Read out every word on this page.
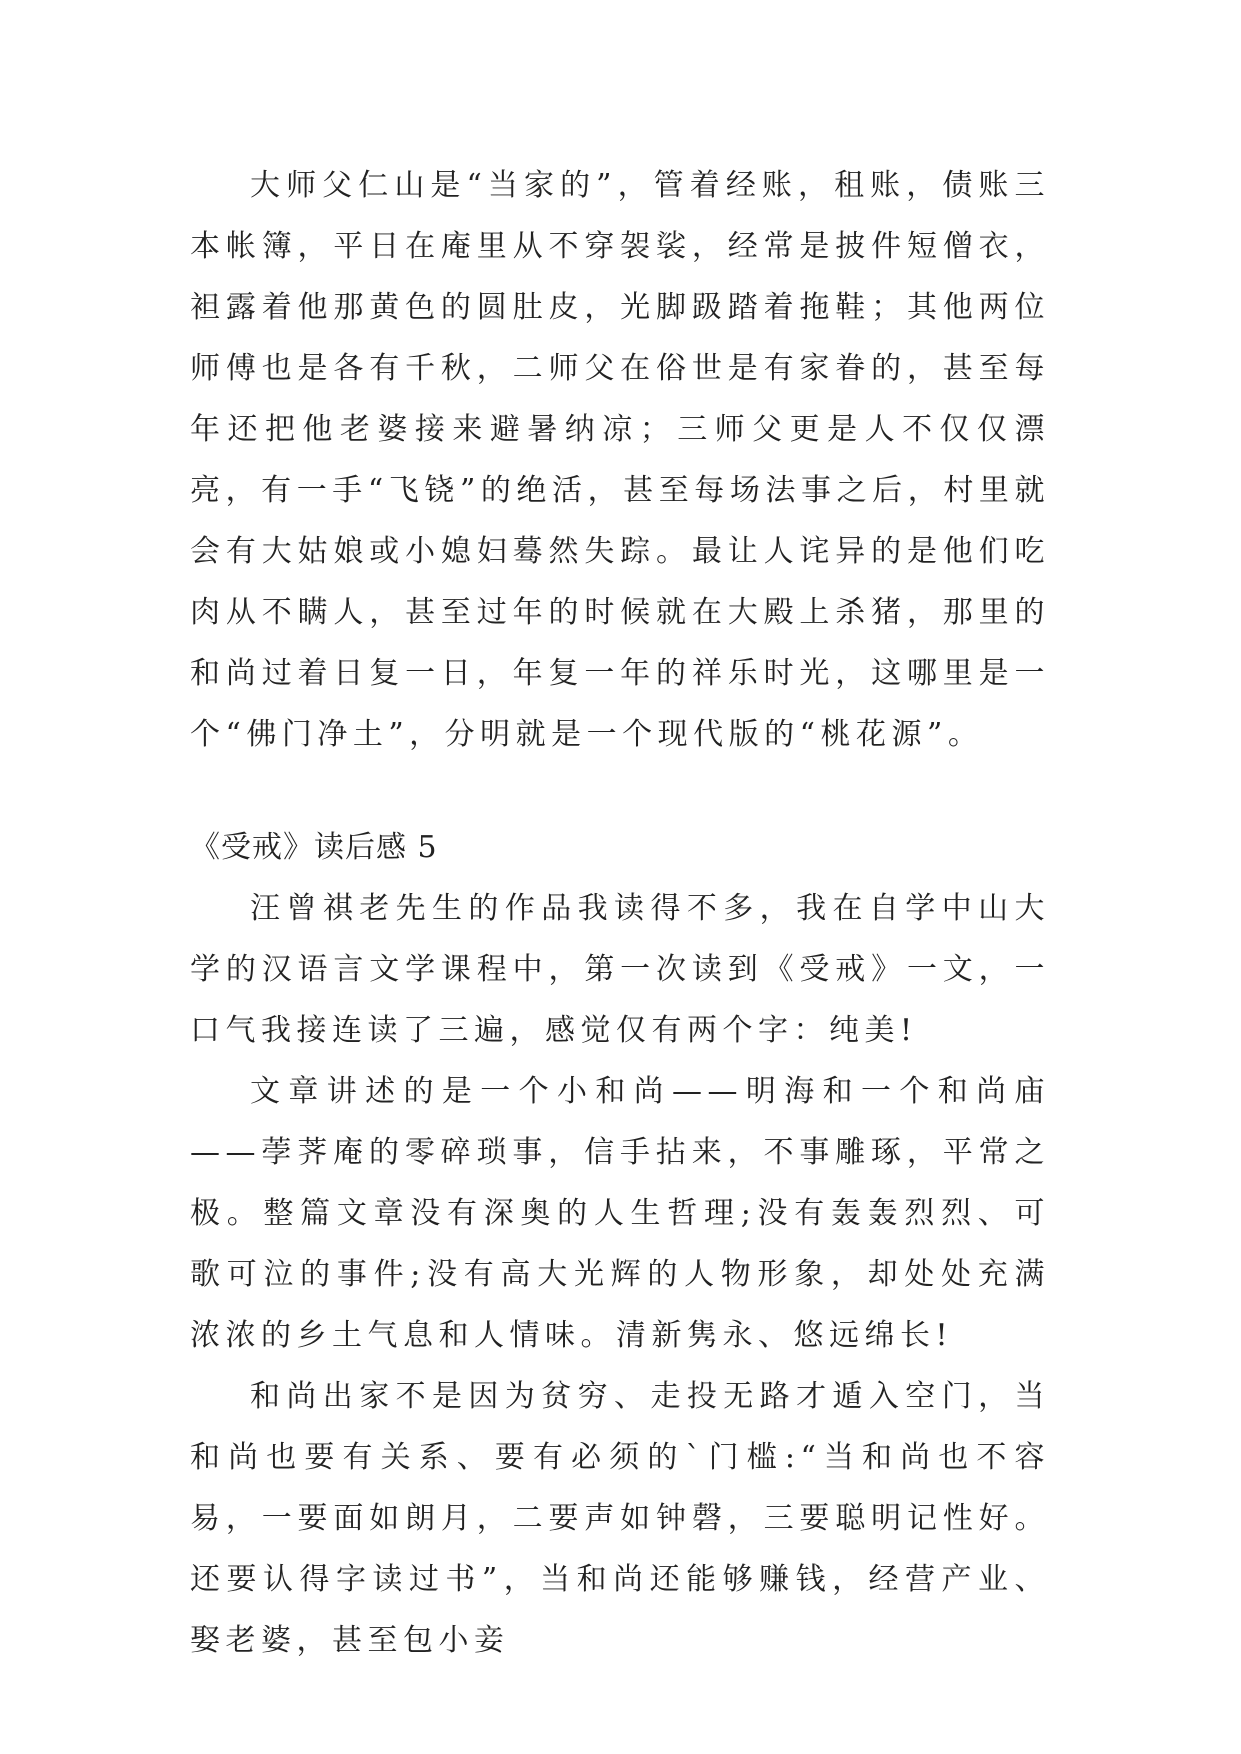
大师父仁山是“当家的”，管着经账，租账，债账三本帐簿，平日在庵里从不穿袈裟，经常是披件短僧衣，袒露着他那黄色的圆肚皮，光脚趿踏着拖鞋；其他两位师傅也是各有千秋，二师父在俗世是有家眷的，甚至每年还把他老婆接来避暑纳凉；三师父更是人不仅仅漂亮，有一手“飞铙”的绝活，甚至每场法事之后，村里就会有大姑娘或小媳妇蓦然失踪。最让人诧异的是他们吃肉从不瞒人，甚至过年的时候就在大殿上杀猪，那里的和尚过着日复一日，年复一年的祥乐时光，这哪里是一个“佛门净土”，分明就是一个现代版的“桃花源”。

《受戒》读后感 5

汪曾祺老先生的作品我读得不多，我在自学中山大学的汉语言文学课程中，第一次读到《受戒》一文，一口气我接连读了三遍，感觉仅有两个字：纯美!

文章讲述的是一个小和尚——明海和一个和尚庙——荸荠庵的零碎琐事，信手拈来，不事雕琢，平常之极。整篇文章没有深奥的人生哲理;没有轰轰烈烈、可歌可泣的事件;没有高大光辉的人物形象，却处处充满浓浓的乡土气息和人情味。清新隽永、悠远绵长!

和尚出家不是因为贫穷、走投无路才遁入空门，当和尚也要有关系、要有必须的`门槛:“当和尚也不容易，一要面如朗月，二要声如钟磬，三要聪明记性好。还要认得字读过书”，当和尚还能够赚钱，经营产业、娶老婆，甚至包小妾
